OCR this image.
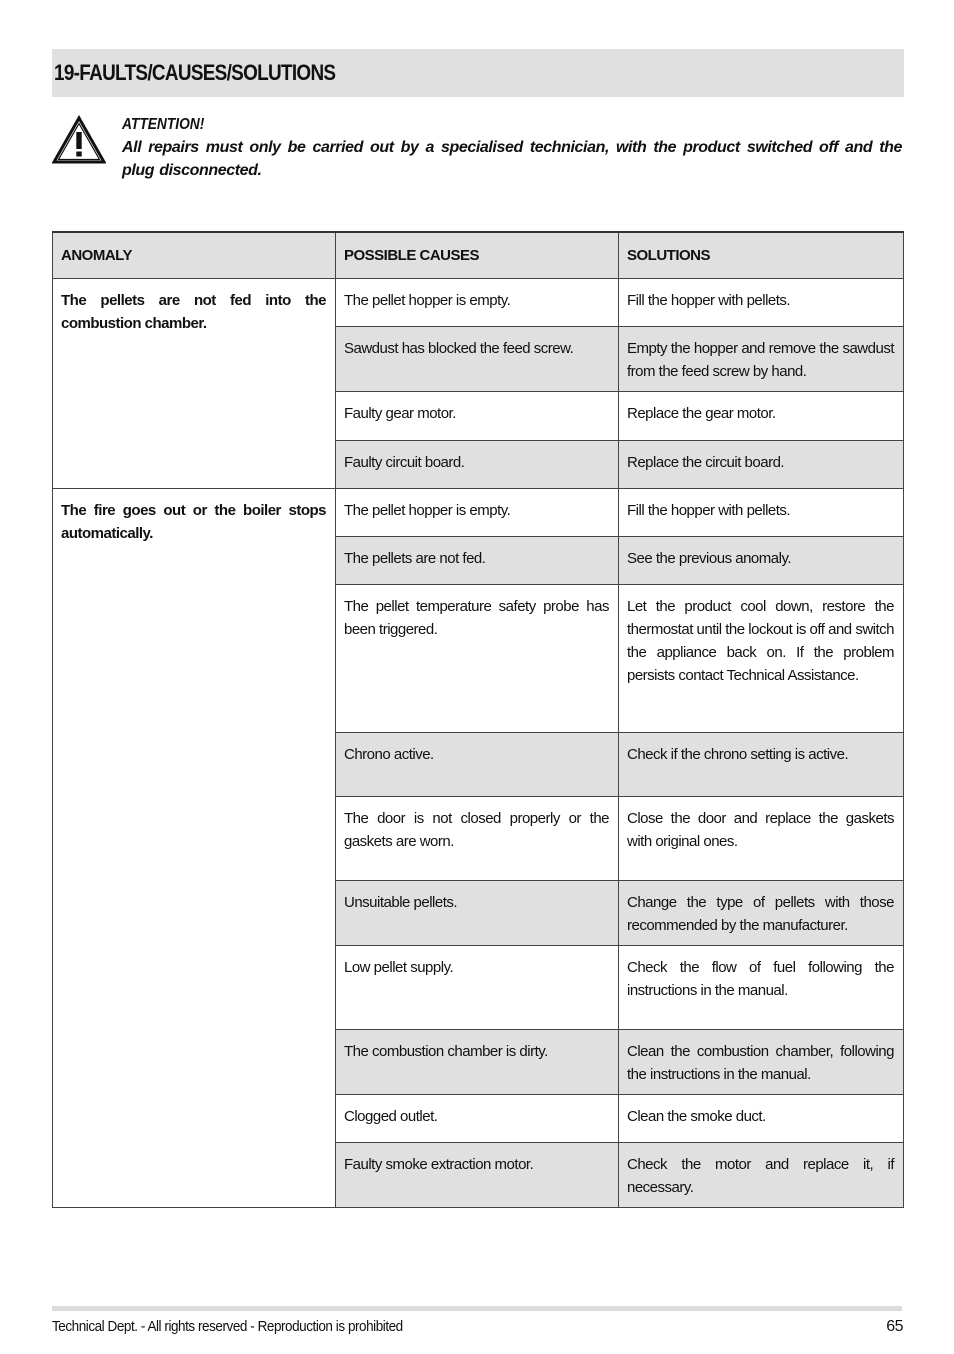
19-FAULTS/CAUSES/SOLUTIONS
ATTENTION!
All repairs must only be carried out by a specialised technician, with the product switched off and the plug disconnected.
ANOMALY	POSSIBLE CAUSES	SOLUTIONS
The pellets are not fed into the combustion chamber.	The pellet hopper is empty.	Fill the hopper with pellets.
	Sawdust has blocked the feed screw.	Empty the hopper and remove the sawdust from the feed screw by hand.
	Faulty gear motor.	Replace the gear motor.
	Faulty circuit board.	Replace the circuit board.
The fire goes out or the boiler stops automatically.	The pellet hopper is empty.	Fill the hopper with pellets.
	The pellets are not fed.	See the previous anomaly.
	The pellet temperature safety probe has been triggered.	Let the product cool down, restore the thermostat until the lockout is off and switch the appliance back on. If the problem persists contact Technical Assistance.
	Chrono active.	Check if the chrono setting is active.
	The door is not closed properly or the gaskets are worn.	Close the door and replace the gaskets with original ones.
	Unsuitable pellets.	Change the type of pellets with those recommended by the manufacturer.
	Low pellet supply.	Check the flow of fuel following the instructions in the manual.
	The combustion chamber is dirty.	Clean the combustion chamber, following the instructions in the manual.
	Clogged outlet.	Clean the smoke duct.
	Faulty smoke extraction motor.	Check the motor and replace it, if necessary.
Technical Dept. - All rights reserved - Reproduction is prohibited	65
